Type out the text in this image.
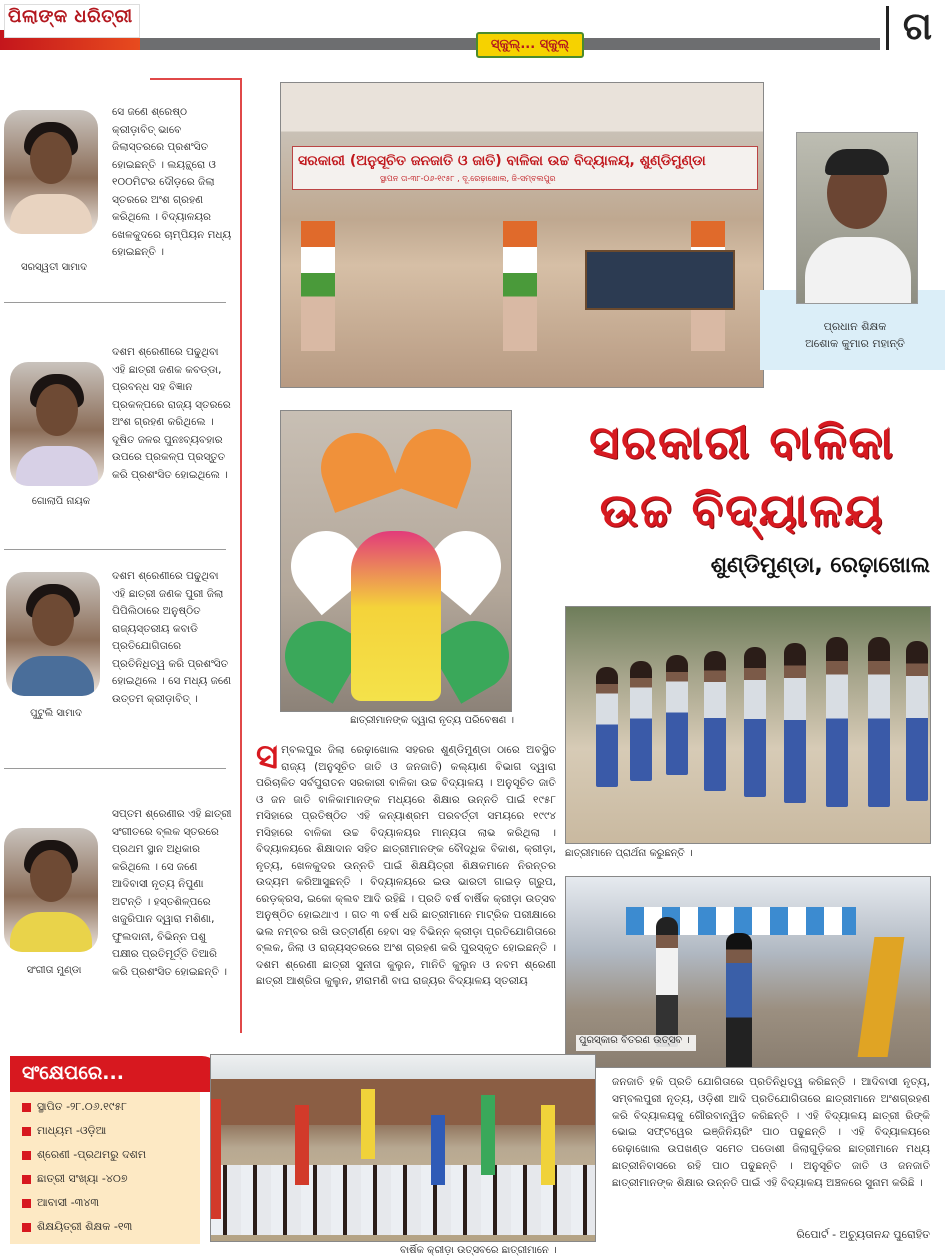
ପିଲାଙ୍କ ଧରିତ୍ରୀ
ସ୍କୁଲ୍‌... ସ୍କୁଲ୍‌	ଗ
ସେ ଜଣେ ଶ୍ରେଷ୍ଠ କ୍ରୀଡ଼ାବିତ୍‌ ଭାବେ ଜିଲାସ୍ତରରେ ପ୍ରଶଂସିତ ହୋଇଛନ୍ତି । ଲୟନ୍ଥ୍ରୋ ଓ ୧୦୦ମିଟର ଦୌଡ଼ରେ ଜିଲା ସ୍ତରରେ ଅଂଶ ଗ୍ରହଣ କରିଥିଲେ । ବିଦ୍ୟାଳୟର ଖେଳକୁଦରେ ଚାମ୍ପିୟନ ମଧ୍ୟ ହୋଇଛନ୍ତି ।
ସରସ୍ୱତୀ ସାମାଦ
ଦଶମ ଶ୍ରେଣୀରେ ପଢୁଥିବା ଏହି ଛାତ୍ରୀ ଜଣକ କବଡ୍ଡା, ପ୍ରବନ୍ଧ ସହ ବିଜ୍ଞାନ ପ୍ରକଳ୍ପରେ ରାଜ୍ୟ ସ୍ତରରେ ଅଂଶ ଗ୍ରହଣ କରିଥିଲେ । ଦୂଷିତ ଜଳର ପୁନଃବ୍ୟବହାର ଉପରେ ପ୍ରକଳ୍ପ ପ୍ରସ୍ତୁତ କରି ପ୍ରଶଂସିତ ହୋଇଥିଲେ ।
ଗୋଲାପି ନାୟକ
ଦଶମ ଶ୍ରେଣୀରେ ପଢୁଥିବା ଏହି ଛାତ୍ରୀ ଜଣକ ପୁରୀ ଜିଲା ପିପିଲିଠାରେ ଅନୁଷ୍ଠିତ ରାଜ୍ୟସ୍ତରୀୟ କବାଡି ପ୍ରତିଯୋଗିତାରେ ପ୍ରତିନିଧିତ୍ୱ କରି ପ୍ରଶଂସିତ ହୋଇଥିଲେ । ସେ ମଧ୍ୟ ଜଣେ ଉତ୍ତମ କ୍ରୀଡ଼ାବିତ୍‌ ।
ପୁଟୁଲି ସାମାଦ
ସପ୍ତମ ଶ୍ରେଣୀର ଏହି ଛାତ୍ରୀ ସଂଗୀତରେ ବ୍ଲକ ସ୍ତରରେ ପ୍ରଥମ ସ୍ଥାନ ଅଧିକାର କରିଥିଲେ । ସେ ଜଣେ ଆଦିବାସୀ ନୃତ୍ୟ ନିପୁଣା ଅଟନ୍ତି । ହସ୍ତଶିଳ୍ପରେ ଖଜୁରିପାନ ଦ୍ୱାରା ମଶିଣା, ଫୁଲଦାନୀ, ବିଭିନ୍ନ ପଶୁ ପକ୍ଷୀର ପ୍ରତିମୂର୍ତ୍ତି ତିଆରି କରି ପ୍ରଶଂସିତ ହୋଇଛନ୍ତି ।
ସଂଗୀତା ମୁଣ୍ଡା
ସରକାରୀ (ଅନୁସୂଚିତ ଜନଜାତି ଓ ଜାତି) ବାଳିକା ଉଚ୍ଚ ବିଦ୍ୟାଳୟ, ଶୁଣ୍ଡିମୁଣ୍ଡା
ସ୍ଥାପନ ତା-୩୮-୦୬-୧୯୫୮ , ଦୂ.ରେଢ଼ାଖୋଲ, ଜି-ସମ୍ବଲପୁର
ପ୍ରଧାନ ଶିକ୍ଷକ
ଅଶୋକ କୁମାର ମହାନ୍ତି
ସରକାରୀ ବାଳିକା
ଉଚ୍ଚ ବିଦ୍ୟାଳୟ
ଶୁଣ୍ଡିମୁଣ୍ଡା, ରେଢ଼ାଖୋଲ
ଛାତ୍ରୀମାନଙ୍କ ଦ୍ୱାରା ନୃତ୍ୟ ପରିବେଷଣ ।
ଛାତ୍ରୀମାନେ ପ୍ରାର୍ଥନା କରୁଛନ୍ତି ।
ପୁରସ୍କାର ବିତରଣ ଉତ୍ସବ ।
ସମ୍ବଲପୁର ଜିଲା ରେଢ଼ାଖୋଲ ସହରର ଶୁଣ୍ଡିମୁଣ୍ଡା ଠାରେ ଅବସ୍ଥିତ ରାଜ୍ୟ (ଅନୁସୂଚିତ ଜାତି ଓ ଜନଜାତି) କଲ୍ୟାଣ ବିଭାଗ ଦ୍ୱାରା ପରିଚାଳିତ ସର୍ବପୁରାତନ ସରକାରୀ ବାଳିକା ଉଚ୍ଚ ବିଦ୍ୟାଳୟ । ଅନୁସୂଚିତ ଜାତି ଓ ଜନ ଜାତି ବାଳିକାମାନଙ୍କ ମଧ୍ୟରେ ଶିକ୍ଷାର ଉନ୍ନତି ପାଇଁ ୧୯୫୮ ମସିହାରେ ପ୍ରତିଷ୍ଠିତ ଏହି କନ୍ୟାଶ୍ରମ ପରବର୍ତ୍ତୀ ସମୟରେ ୧୯୯୪ ମସିହାରେ ବାଳିକା ଉଚ୍ଚ ବିଦ୍ୟାଳୟର ମାନ୍ୟତା ଲାଭ କରିଥିଲା । ବିଦ୍ୟାଳୟରେ ଶିକ୍ଷାଦାନ ସହିତ ଛାତ୍ରୀମାନଙ୍କ ବୌଦ୍ଧିକ ବିକାଶ, କ୍ରୀଡ଼ା, ନୃତ୍ୟ, ଖେଳକୁଦର ଉନ୍ନତି ପାଇଁ ଶିକ୍ଷୟିତ୍ରୀ ଶିକ୍ଷକମାନେ ନିରନ୍ତର ଉଦ୍ୟମ କରିଆସୁଛନ୍ତି । ବିଦ୍ୟାଳୟରେ ଇଉ ଭାରତୀ ଗାଇଡ଼ ଗ୍ରୁପ, ରେଡ଼କ୍ରସ, ଇକୋ କ୍ଲବ ଆଦି ରହିଛି । ପ୍ରତି ବର୍ଷ ବାର୍ଷିକ କ୍ରୀଡ଼ା ଉତ୍ସବ ଅନୁଷ୍ଠିତ ହୋଇଥାଏ । ଗତ ୩ ବର୍ଷ ଧରି ଛାତ୍ରୀମାନେ ମାଟ୍ରିକ ପରୀକ୍ଷାରେ ଭଲ ନମ୍ବର ରଖି ଉତ୍ତୀର୍ଣ୍ଣ ହେବା ସହ ବିଭିନ୍ନ କ୍ରୀଡ଼ା ପ୍ରତିଯୋଗିତାରେ ବ୍ଲକ, ଜିଲା ଓ ରାଜ୍ୟସ୍ତରରେ ଅଂଶ ଗ୍ରହଣ କରି ପୁରସ୍କୃତ ହୋଇଛନ୍ତି । ଦଶମ ଶ୍ରେଣୀ ଛାତ୍ରୀ ସୁନୀତା କୁଲୁନ, ମାନିତି କୁଲୁନ ଓ ନବମ ଶ୍ରେଣୀ ଛାତ୍ରୀ ଆଶ୍ରିତା କୁଲୁନ, ହୀରାମଣି ବାଘ ରାଜ୍ୟର ବିଦ୍ୟାଳୟ ସ୍ତରୀୟ
ସଂକ୍ଷେପରେ...
ସ୍ଥାପିତ -୨୮.୦୬.୧୯୫୮
ମାଧ୍ୟମ -ଓଡ଼ିଆ
ଶ୍ରେଣୀ -ପ୍ରଥମରୁ ଦଶମ
ଛାତ୍ରୀ ସଂଖ୍ୟା -୪୦୭
ଆବାସୀ -୩୪୩
ଶିକ୍ଷୟିତ୍ରୀ ଶିକ୍ଷକ -୧୩
ବାର୍ଷିକ କ୍ରୀଡ଼ା ଉତ୍ସବରେ ଛାତ୍ରୀମାନେ ।
ଜନଜାତି ହକି ପ୍ରତି ଯୋଗିତାରେ ପ୍ରତିନିଧିତ୍ୱ କରିଛନ୍ତି । ଆଦିବାସୀ ନୃତ୍ୟ, ସମ୍ବଲପୁରୀ ନୃତ୍ୟ, ଓଡ଼ିଶୀ ଆଦି ପ୍ରତିଯୋଗିତାରେ ଛାତ୍ରୀମାନେ ଅଂଶଗ୍ରହଣ କରି ବିଦ୍ୟାଳୟକୁ ଗୌରବାନ୍ୱିତ କରିଛନ୍ତି । ଏହି ବିଦ୍ୟାଳୟ ଛାତ୍ରୀ ରିଙ୍କି ଭୋଇ ସଫ୍ଟୱେର ଇଞ୍ଜିନିୟରିଂ ପାଠ ପଢୁଛନ୍ତି । ଏହି ବିଦ୍ୟାଳୟରେ ରେଢ଼ାଖୋଲ ଉପଖଣ୍ଡ ସମେତ ପଡୋଶୀ ଜିଲାଗୁଡ଼ିକର ଛାତ୍ରୀମାନେ ମଧ୍ୟ ଛାତ୍ରୀନିବାସରେ ରହି ପାଠ ପଢୁଛନ୍ତି । ଅନୁସୂଚିତ ଜାତି ଓ ଜନଜାତି ଛାତ୍ରୀମାନଙ୍କ ଶିକ୍ଷାର ଉନ୍ନତି ପାଇଁ ଏହି ବିଦ୍ୟାଳୟ ଅଞ୍ଚଳରେ ସୁନାମ କରିଛି ।
ରିପୋର୍ଟ - ଅଚ୍ୟୁତାନନ୍ଦ ପୁରୋହିତ
